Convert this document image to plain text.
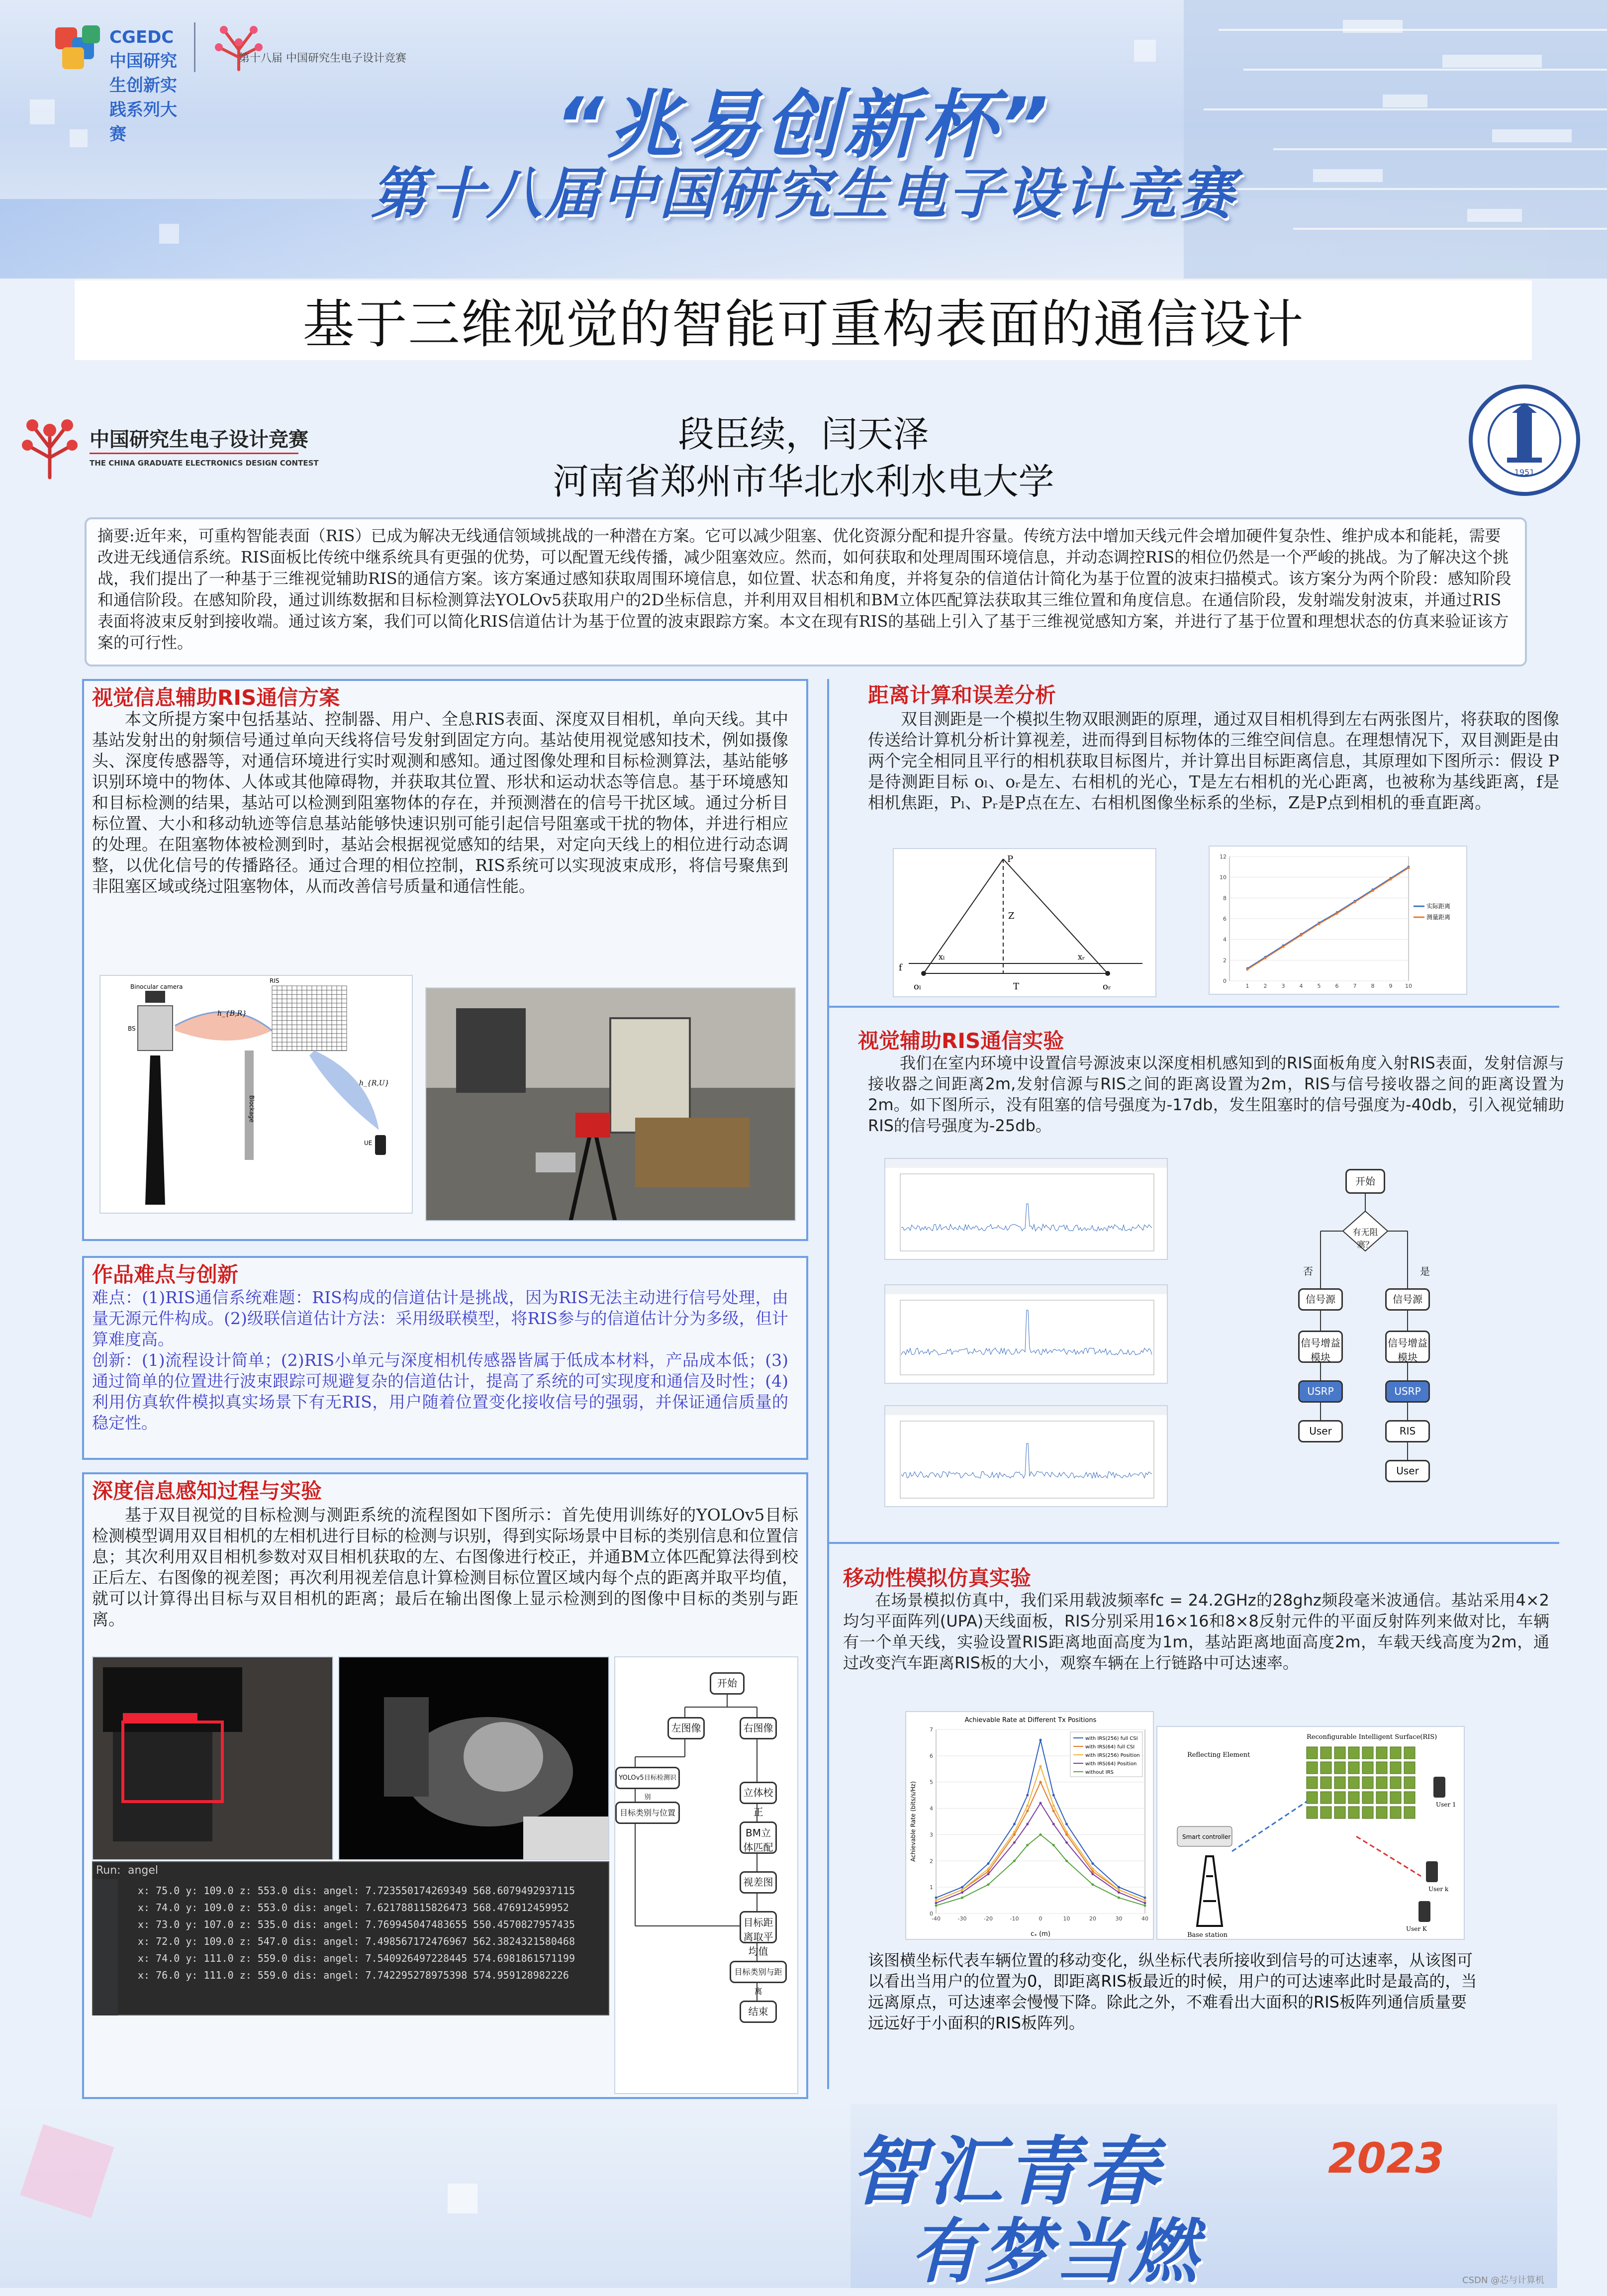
CGEDC 中国研究生创新实践系列大赛
第十八届 中国研究生电子设计竞赛
“兆易创新杯”
第十八届中国研究生电子设计竞赛
基于三维视觉的智能可重构表面的通信设计
中国研究生电子设计竞赛
THE CHINA GRADUATE ELECTRONICS DESIGN CONTEST
1951
段臣续，闫天泽
河南省郑州市华北水利水电大学
摘要:近年来，可重构智能表面（RIS）已成为解决无线通信领域挑战的一种潜在方案。它可以减少阻塞、优化资源分配和提升容量。传统方法中增加天线元件会增加硬件复杂性、维护成本和能耗，需要改进无线通信系统。RIS面板比传统中继系统具有更强的优势，可以配置无线传播，减少阻塞效应。然而，如何获取和处理周围环境信息，并动态调控RIS的相位仍然是一个严峻的挑战。为了解决这个挑战，我们提出了一种基于三维视觉辅助RIS的通信方案。该方案通过感知获取周围环境信息，如位置、状态和角度，并将复杂的信道估计简化为基于位置的波束扫描模式。该方案分为两个阶段：感知阶段和通信阶段。在感知阶段，通过训练数据和目标检测算法YOLOv5获取用户的2D坐标信息，并利用双目相机和BM立体匹配算法获取其三维位置和角度信息。在通信阶段，发射端发射波束，并通过RIS表面将波束反射到接收端。通过该方案，我们可以简化RIS信道估计为基于位置的波束跟踪方案。本文在现有RIS的基础上引入了基于三维视觉感知方案，并进行了基于位置和理想状态的仿真来验证该方案的可行性。
视觉信息辅助RIS通信方案
本文所提方案中包括基站、控制器、用户、全息RIS表面、深度双目相机，单向天线。其中基站发射出的射频信号通过单向天线将信号发射到固定方向。基站使用视觉感知技术，例如摄像头、深度传感器等，对通信环境进行实时观测和感知。通过图像处理和目标检测算法，基站能够识别环境中的物体、人体或其他障碍物，并获取其位置、形状和运动状态等信息。基于环境感知和目标检测的结果，基站可以检测到阻塞物体的存在，并预测潜在的信号干扰区域。通过分析目标位置、大小和移动轨迹等信息基站能够快速识别可能引起信号阻塞或干扰的物体，并进行相应的处理。在阻塞物体被检测到时，基站会根据视觉感知的结果，对定向天线上的相位进行动态调整，以优化信号的传播路径。通过合理的相位控制，RIS系统可以实现波束成形，将信号聚焦到非阻塞区域或绕过阻塞物体，从而改善信号质量和通信性能。
Binocular camera
BS
h_{B,R}
RIS
Blockage
h_{R,U}
UE
作品难点与创新
难点：(1)RIS通信系统难题：RIS构成的信道估计是挑战，因为RIS无法主动进行信号处理，由量无源元件构成。(2)级联信道估计方法：采用级联模型，将RIS参与的信道估计分为多级，但计算难度高。
创新：(1)流程设计简单；(2)RIS小单元与深度相机传感器皆属于低成本材料，产品成本低；(3)通过简单的位置进行波束跟踪可规避复杂的信道估计，提高了系统的可实现度和通信及时性；(4)利用仿真软件模拟真实场景下有无RIS，用户随着位置变化接收信号的强弱，并保证通信质量的稳定性。
深度信息感知过程与实验
基于双目视觉的目标检测与测距系统的流程图如下图所示：首先使用训练好的YOLOv5目标检测模型调用双目相机的左相机进行目标的检测与识别，得到实际场景中目标的类别信息和位置信息；其次利用双目相机参数对双目相机获取的左、右图像进行校正，并通BM立体匹配算法得到校正后左、右图像的视差图；再次利用视差信息计算检测目标位置区域内每个点的距离并取平均值，就可以计算得出目标与双目相机的距离；最后在输出图像上显示检测到的图像中目标的类别与距离。
Run: angel
x: 75.0 y: 109.0 z: 553.0 dis: angel: 7.723550174269349 568.6079492937115
x: 74.0 y: 109.0 z: 553.0 dis: angel: 7.621788115826473 568.476912459952
x: 73.0 y: 107.0 z: 535.0 dis: angel: 7.769945047483655 550.4570827957435
x: 72.0 y: 109.0 z: 547.0 dis: angel: 7.498567172476967 562.3824321580468
x: 74.0 y: 111.0 z: 559.0 dis: angel: 7.540926497228445 574.6981861571199
x: 76.0 y: 111.0 z: 559.0 dis: angel: 7.742295278975398 574.959128982226
开始
左图像	右图像
YOLOv5目标检测识别
目标类别与位置
立体校正
BM立体匹配
视差图
目标距离取平均值
目标类别与距离
结束
距离计算和误差分析
双目测距是一个模拟生物双眼测距的原理，通过双目相机得到左右两张图片，将获取的图像传送给计算机分析计算视差，进而得到目标物体的三维空间信息。在理想情况下，双目测距是由两个完全相同且平行的相机获取目标图片，并计算出目标距离信息，其原理如下图所示：假设 P 是待测距目标 oₗ、oᵣ是左、右相机的光心，T是左右相机的光心距离，也被称为基线距离，f是相机焦距，Pₗ、Pᵣ是P点在左、右相机图像坐标系的坐标，Z是P点到相机的垂直距离。
P
Z
f
T
oₗ	oᵣ
xₗ	xᵣ
0
2
4
6
8
10
12
1	2	3	4	5	6	7	8	9 10
实际距离
测量距离
视觉辅助RIS通信实验
我们在室内环境中设置信号源波束以深度相机感知到的RIS面板角度入射RIS表面，发射信源与接收器之间距离2m,发射信源与RIS之间的距离设置为2m，RIS与信号接收器之间的距离设置为2m。如下图所示，没有阻塞的信号强度为-17db，发生阻塞时的信号强度为-40db，引入视觉辅助RIS的信号强度为-25db。
开始
有无阻塞？
否	是
信号源	信号源
信号增益模块
信号增益模块
USRP	USRP
User	RIS
User
移动性模拟仿真实验
在场景模拟仿真中，我们采用载波频率fc = 24.2GHz的28ghz频段毫米波通信。基站采用4×2均匀平面阵列(UPA)天线面板，RIS分别采用16×16和8×8反射元件的平面反射阵列来做对比，车辆有一个单天线，实验设置RIS距离地面高度为1m，基站距离地面高度2m，车载天线高度为2m，通过改变汽车距离RIS板的大小，观察车辆在上行链路中可达速率。
Achievable Rate at Different Tx Positions
0
1
2
3
4
5
6
7
-40	-30	-20	-10	0	10	20	30	40
cₓ (m)
Achievable Rate (bits/s/Hz)
with IRS(256) full CSI
with IRS(64) full CSI
with IRS(256) Position
with IRS(64) Position
without IRS
Reconfigurable Intelligent Surface(RIS)
Reflecting Element
Smart controller
Base station
User 1
User k
User K
该图横坐标代表车辆位置的移动变化，纵坐标代表所接收到信号的可达速率，从该图可以看出当用户的位置为0，即距离RIS板最近的时候，用户的可达速率此时是最高的，当远离原点，可达速率会慢慢下降。除此之外，不难看出大面积的RIS板阵列通信质量要远远好于小面积的RIS板阵列。
智汇青春
有梦当燃
2023
CSDN @芯与计算机
